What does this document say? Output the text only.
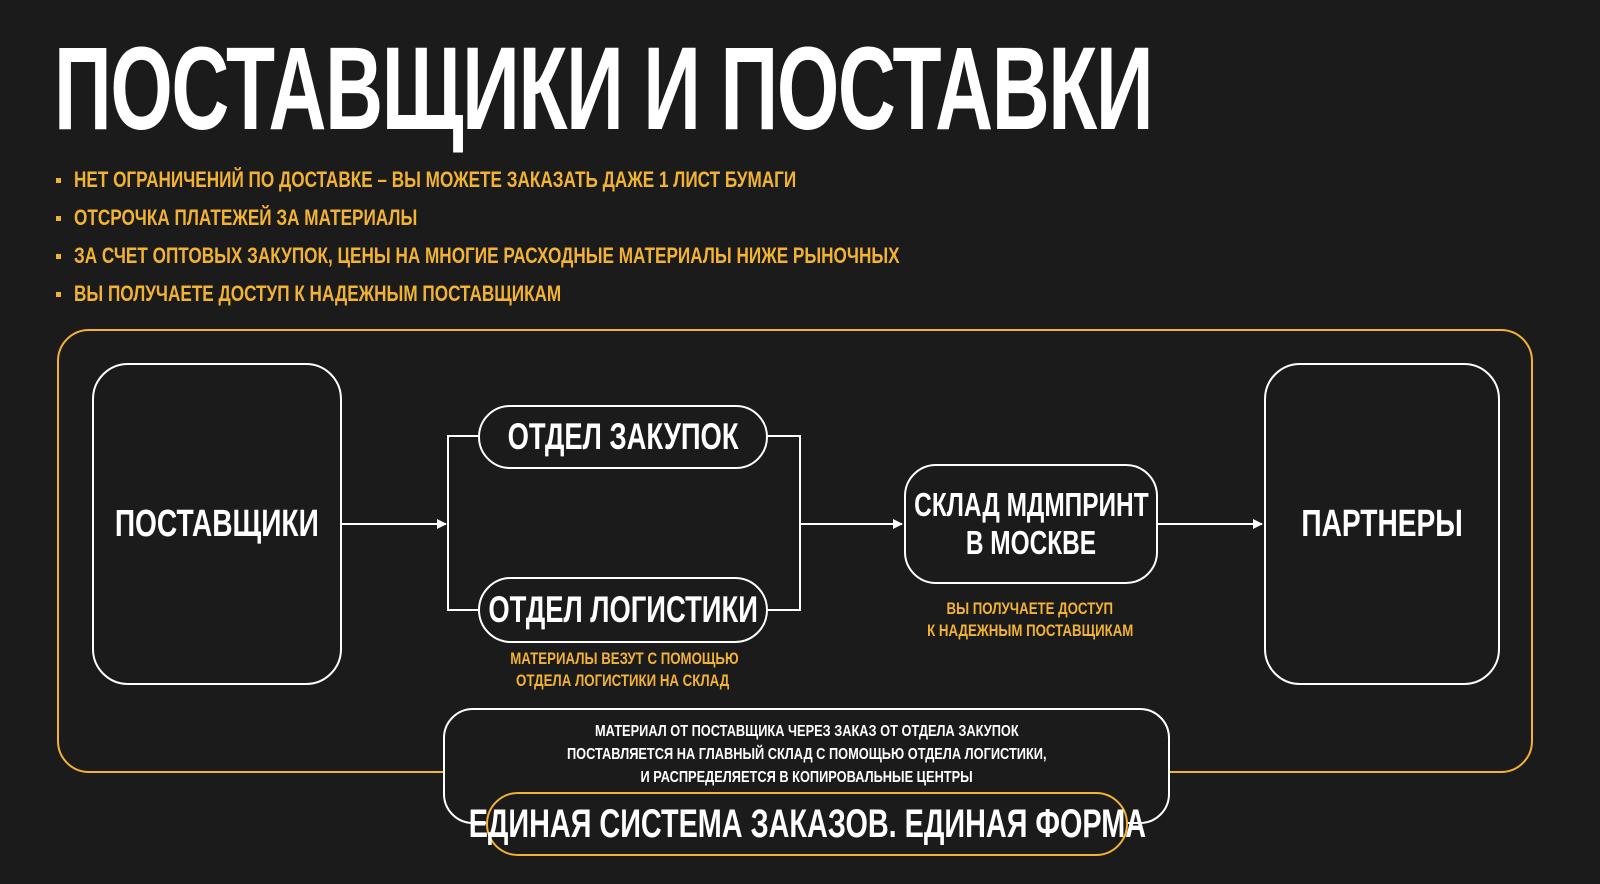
ПОСТАВЩИКИ И ПОСТАВКИ
НЕТ ОГРАНИЧЕНИЙ ПО ДОСТАВКЕ – ВЫ МОЖЕТЕ ЗАКАЗАТЬ ДАЖЕ 1 ЛИСТ БУМАГИ
ОТСРОЧКА ПЛАТЕЖЕЙ ЗА МАТЕРИАЛЫ
ЗА СЧЕТ ОПТОВЫХ ЗАКУПОК, ЦЕНЫ НА МНОГИЕ РАСХОДНЫЕ МАТЕРИАЛЫ НИЖЕ РЫНОЧНЫХ
ВЫ ПОЛУЧАЕТЕ ДОСТУП К НАДЕЖНЫМ ПОСТАВЩИКАМ
ПОСТАВЩИКИ
ОТДЕЛ ЗАКУПОК
ОТДЕЛ ЛОГИСТИКИ
МАТЕРИАЛЫ ВЕЗУТ С ПОМОЩЬЮ
ОТДЕЛА ЛОГИСТИКИ НА СКЛАД
СКЛАД МДМПРИНТ
В МОСКВЕ
ВЫ ПОЛУЧАЕТЕ ДОСТУП
К НАДЕЖНЫМ ПОСТАВЩИКАМ
ПАРТНЕРЫ
МАТЕРИАЛ ОТ ПОСТАВЩИКА ЧЕРЕЗ ЗАКАЗ ОТ ОТДЕЛА ЗАКУПОК
ПОСТАВЛЯЕТСЯ НА ГЛАВНЫЙ СКЛАД С ПОМОЩЬЮ ОТДЕЛА ЛОГИСТИКИ,
И РАСПРЕДЕЛЯЕТСЯ В КОПИРОВАЛЬНЫЕ ЦЕНТРЫ
ЕДИНАЯ СИСТЕМА ЗАКАЗОВ. ЕДИНАЯ ФОРМА
